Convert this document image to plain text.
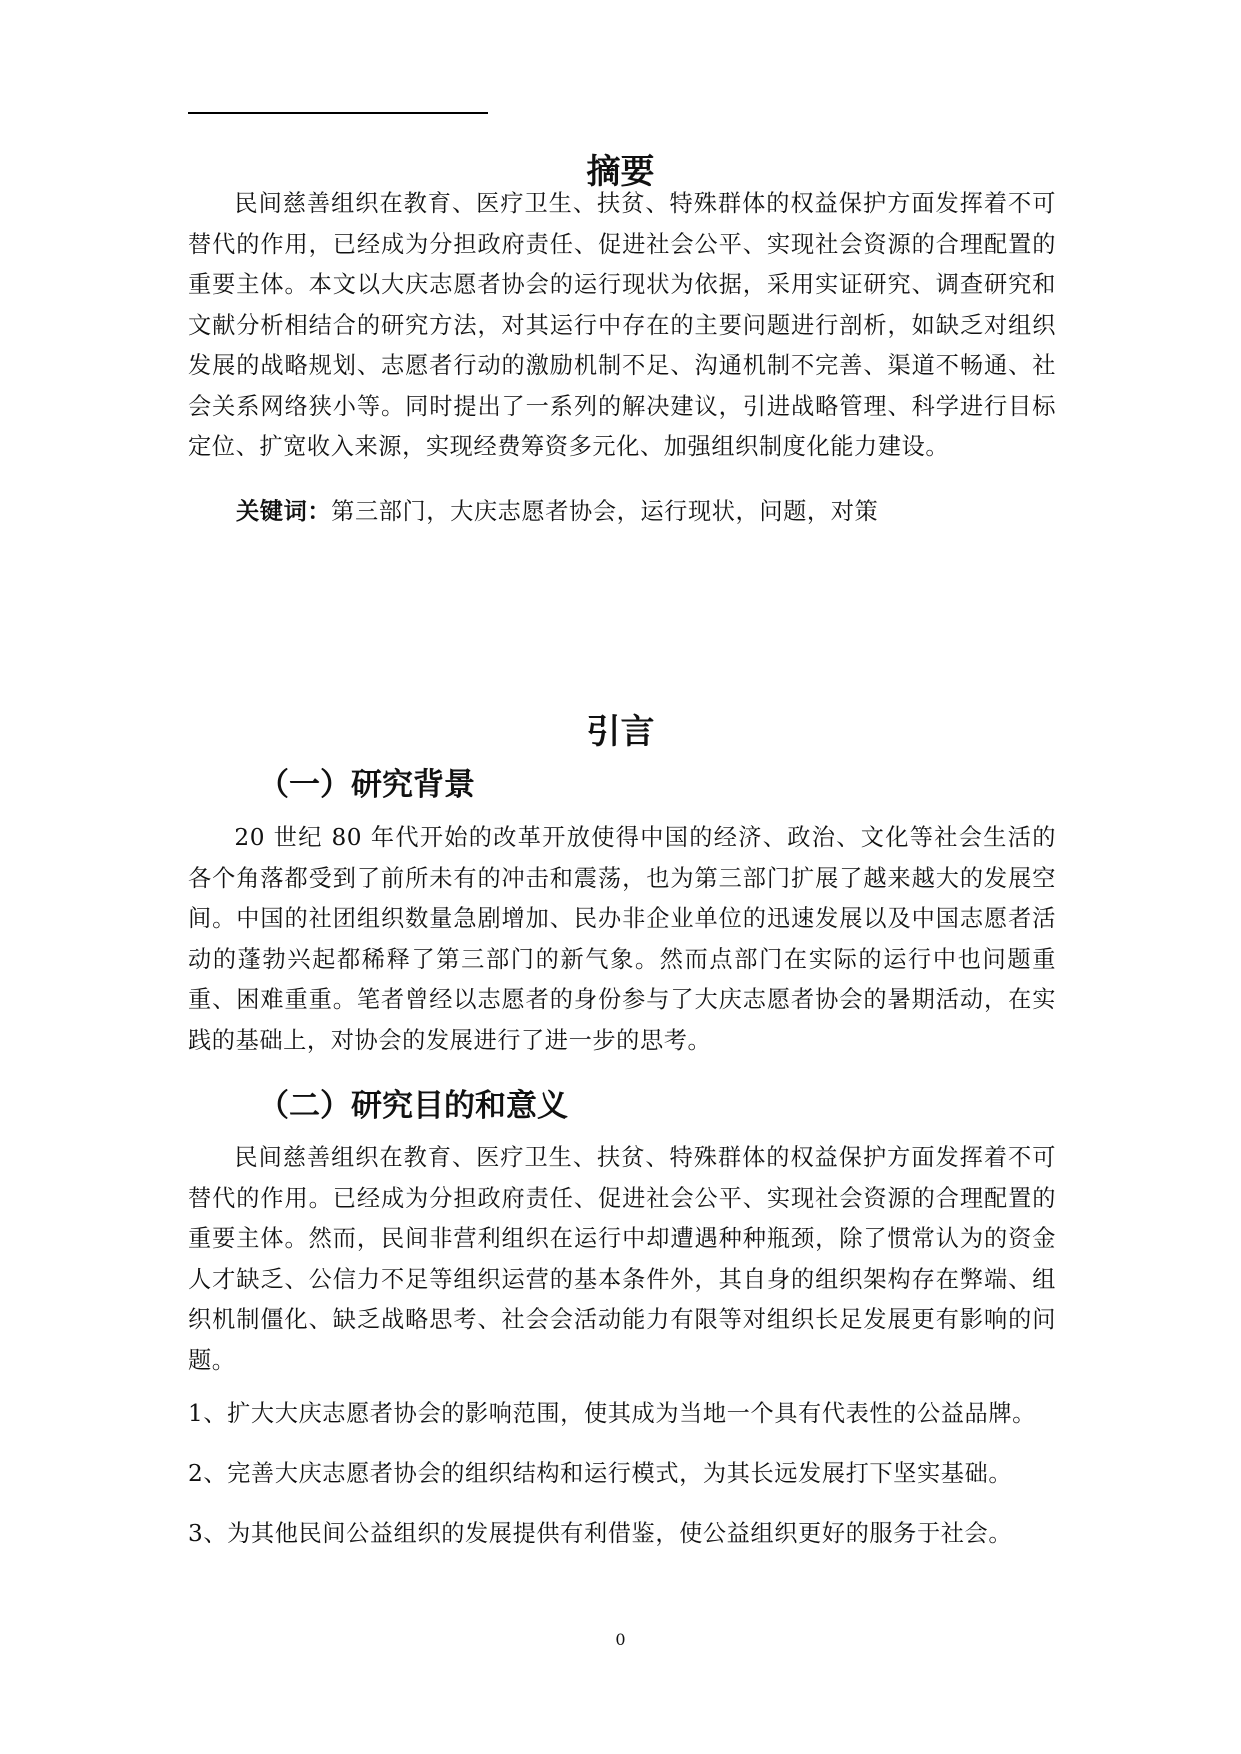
摘要

民间慈善组织在教育、医疗卫生、扶贫、特殊群体的权益保护方面发挥着不可替代的作用，已经成为分担政府责任、促进社会公平、实现社会资源的合理配置的重要主体。本文以大庆志愿者协会的运行现状为依据，采用实证研究、调查研究和文献分析相结合的研究方法，对其运行中存在的主要问题进行剖析，如缺乏对组织发展的战略规划、志愿者行动的激励机制不足、沟通机制不完善、渠道不畅通、社会关系网络狭小等。同时提出了一系列的解决建议，引进战略管理、科学进行目标定位、扩宽收入来源，实现经费筹资多元化、加强组织制度化能力建设。

关键词：第三部门，大庆志愿者协会，运行现状，问题，对策

引言
（一）研究背景

20 世纪 80 年代开始的改革开放使得中国的经济、政治、文化等社会生活的各个角落都受到了前所未有的冲击和震荡，也为第三部门扩展了越来越大的发展空间。中国的社团组织数量急剧增加、民办非企业单位的迅速发展以及中国志愿者活动的蓬勃兴起都稀释了第三部门的新气象。然而点部门在实际的运行中也问题重重、困难重重。笔者曾经以志愿者的身份参与了大庆志愿者协会的暑期活动，在实践的基础上，对协会的发展进行了进一步的思考。

（二）研究目的和意义

民间慈善组织在教育、医疗卫生、扶贫、特殊群体的权益保护方面发挥着不可替代的作用。已经成为分担政府责任、促进社会公平、实现社会资源的合理配置的重要主体。然而，民间非营利组织在运行中却遭遇种种瓶颈，除了惯常认为的资金人才缺乏、公信力不足等组织运营的基本条件外，其自身的组织架构存在弊端、组织机制僵化、缺乏战略思考、社会会活动能力有限等对组织长足发展更有影响的问题。

1、扩大大庆志愿者协会的影响范围，使其成为当地一个具有代表性的公益品牌。

2、完善大庆志愿者协会的组织结构和运行模式，为其长远发展打下坚实基础。

3、为其他民间公益组织的发展提供有利借鉴，使公益组织更好的服务于社会。

0
